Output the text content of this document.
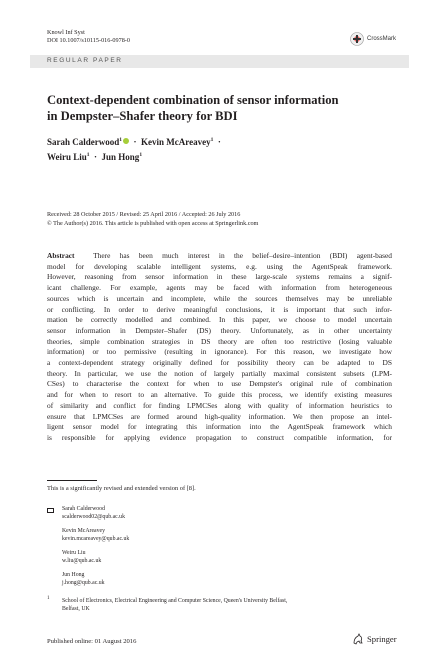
Knowl Inf Syst
DOI 10.1007/s10115-016-0978-0	CrossMark
REGULAR PAPER
Context-dependent combination of sensor information
in Dempster–Shafer theory for BDI
Sarah Calderwood$^1$  ·  Kevin McAreavey$^1$  ·
Weiru Liu$^1$  ·  Jun Hong$^1$
Received: 28 October 2015 / Revised: 25 April 2016 / Accepted: 26 July 2016
© The Author(s) 2016. This article is published with open access at Springerlink.com
Abstract	There has been much interest in the belief–desire–intention (BDI) agent-based
model for developing scalable intelligent systems, e.g. using the AgentSpeak framework.
However, reasoning from sensor information in these large-scale systems remains a signif-
icant challenge. For example, agents may be faced with information from heterogeneous
sources which is uncertain and incomplete, while the sources themselves may be unreliable
or conflicting. In order to derive meaningful conclusions, it is important that such infor-
mation be correctly modelled and combined. In this paper, we choose to model uncertain
sensor information in Dempster–Shafer (DS) theory. Unfortunately, as in other uncertainty
theories, simple combination strategies in DS theory are often too restrictive (losing valuable
information) or too permissive (resulting in ignorance). For this reason, we investigate how
a context-dependent strategy originally defined for possibility theory can be adapted to DS
theory. In particular, we use the notion of largely partially maximal consistent subsets (LPM-
CSes) to characterise the context for when to use Dempster's original rule of combination
and for when to resort to an alternative. To guide this process, we identify existing measures
of similarity and conflict for finding LPMCSes along with quality of information heuristics to
ensure that LPMCSes are formed around high-quality information. We then propose an intel-
ligent sensor model for integrating this information into the AgentSpeak framework which
is responsible for applying evidence propagation to construct compatible information, for
This is a significantly revised and extended version of [8].
Sarah Calderwood
scalderwood02@qub.ac.uk
Kevin McAreavey
kevin.mcareavey@qub.ac.uk
Weiru Liu
w.liu@qub.ac.uk
Jun Hong
j.hong@qub.ac.uk
1 School of Electronics, Electrical Engineering and Computer Science, Queen's University Belfast,
Belfast, UK
Published online: 01 August 2016	Springer
